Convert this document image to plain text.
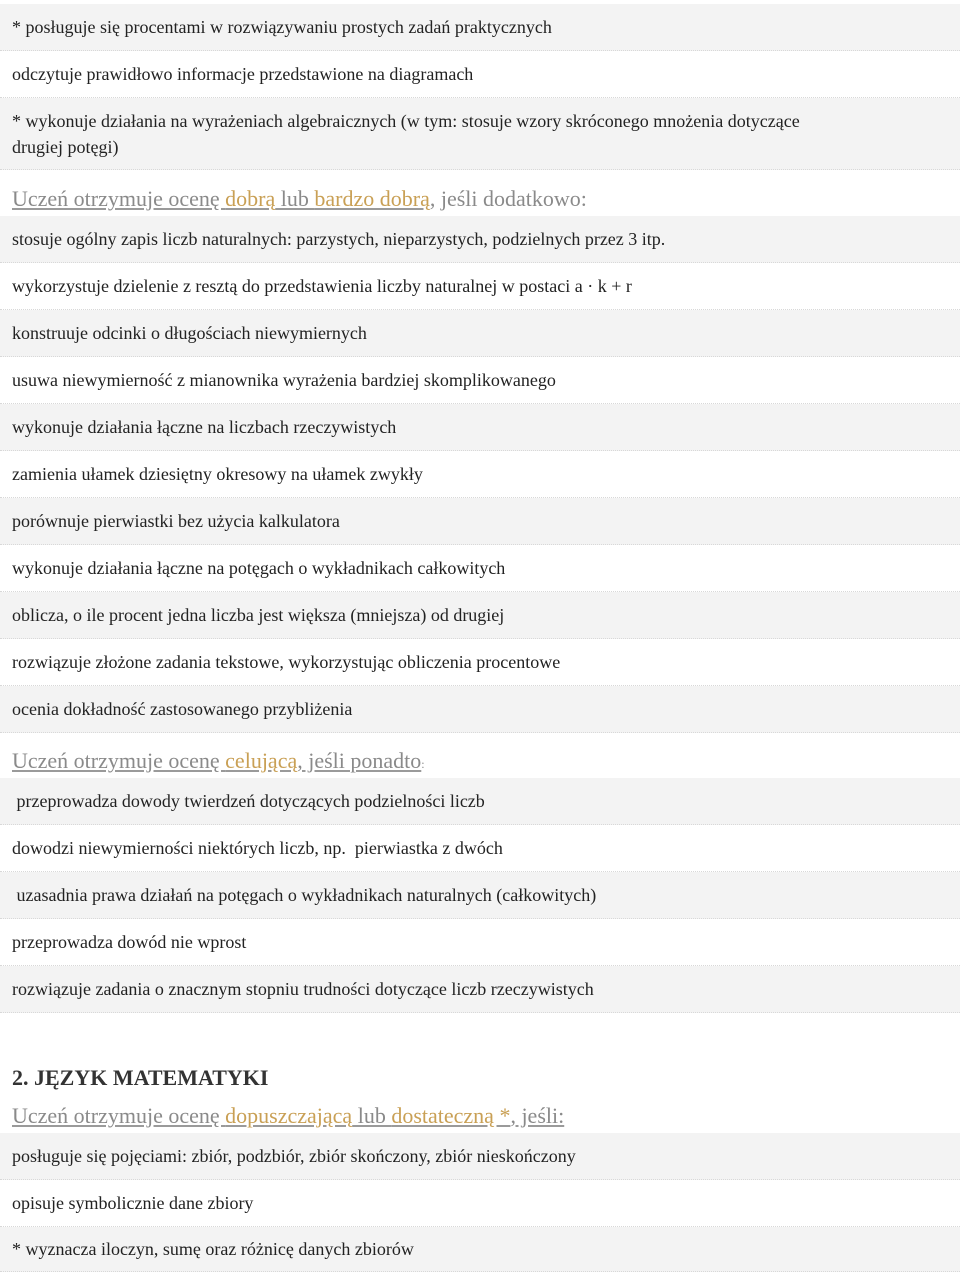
* posługuje się procentami w rozwiązywaniu prostych zadań praktycznych
odczytuje prawidłowo informacje przedstawione na diagramach
* wykonuje działania na wyrażeniach algebraicznych (w tym: stosuje wzory skróconego mnożenia dotyczące
drugiej potęgi)
Uczeń otrzymuje ocenę dobrą lub bardzo dobrą, jeśli dodatkowo:
stosuje ogólny zapis liczb naturalnych: parzystych, nieparzystych, podzielnych przez 3 itp.
wykorzystuje dzielenie z resztą do przedstawienia liczby naturalnej w postaci a · k + r
konstruuje odcinki o długościach niewymiernych
usuwa niewymierność z mianownika wyrażenia bardziej skomplikowanego
wykonuje działania łączne na liczbach rzeczywistych
zamienia ułamek dziesiętny okresowy na ułamek zwykły
porównuje pierwiastki bez użycia kalkulatora
wykonuje działania łączne na potęgach o wykładnikach całkowitych
oblicza, o ile procent jedna liczba jest większa (mniejsza) od drugiej
rozwiązuje złożone zadania tekstowe, wykorzystując obliczenia procentowe
ocenia dokładność zastosowanego przybliżenia
Uczeń otrzymuje ocenę celującą, jeśli ponadto:
przeprowadza dowody twierdzeń dotyczących podzielności liczb
dowodzi niewymierności niektórych liczb, np.  pierwiastka z dwóch
uzasadnia prawa działań na potęgach o wykładnikach naturalnych (całkowitych)
przeprowadza dowód nie wprost
rozwiązuje zadania o znacznym stopniu trudności dotyczące liczb rzeczywistych
2. JĘZYK MATEMATYKI
Uczeń otrzymuje ocenę dopuszczającą lub dostateczną *, jeśli:
posługuje się pojęciami: zbiór, podzbiór, zbiór skończony, zbiór nieskończony
opisuje symbolicznie dane zbiory
* wyznacza iloczyn, sumę oraz różnicę danych zbiorów
